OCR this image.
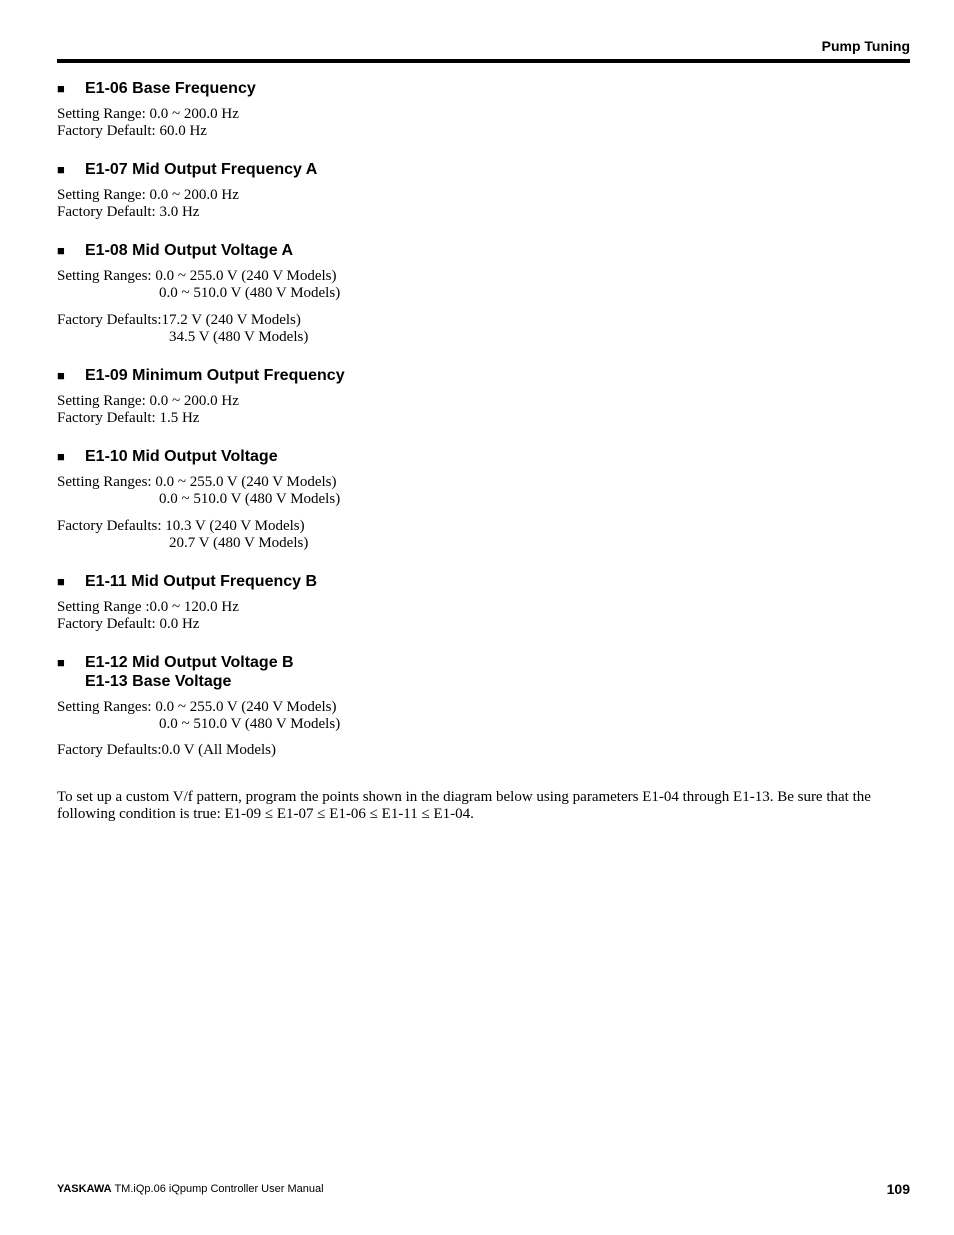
Pump Tuning
■	E1-06 Base Frequency
Setting Range: 0.0 ~ 200.0 Hz
Factory Default: 60.0 Hz
■	E1-07 Mid Output Frequency A
Setting Range: 0.0 ~ 200.0 Hz
Factory Default: 3.0 Hz
■	E1-08 Mid Output Voltage A
Setting Ranges: 0.0 ~ 255.0 V (240 V Models)
0.0 ~ 510.0 V (480 V Models)
Factory Defaults:17.2 V (240 V Models)
34.5 V (480 V Models)
■	E1-09 Minimum Output Frequency
Setting Range: 0.0 ~ 200.0 Hz
Factory Default: 1.5 Hz
■	E1-10 Mid Output Voltage
Setting Ranges: 0.0 ~ 255.0 V (240 V Models)
0.0 ~ 510.0 V (480 V Models)
Factory Defaults: 10.3 V (240 V Models)
20.7 V (480 V Models)
■	E1-11 Mid Output Frequency B
Setting Range :0.0 ~ 120.0 Hz
Factory Default: 0.0 Hz
■	E1-12 Mid Output Voltage B
E1-13 Base Voltage
Setting Ranges: 0.0 ~ 255.0 V (240 V Models)
0.0 ~ 510.0 V (480 V Models)
Factory Defaults:0.0 V (All Models)
To set up a custom V/f pattern, program the points shown in the diagram below using parameters E1-04 through E1-13. Be sure that the
following condition is true: E1-09 ≤ E1-07 ≤ E1-06 ≤ E1-11 ≤ E1-04.
YASKAWA TM.iQp.06 iQpump Controller User Manual	109
